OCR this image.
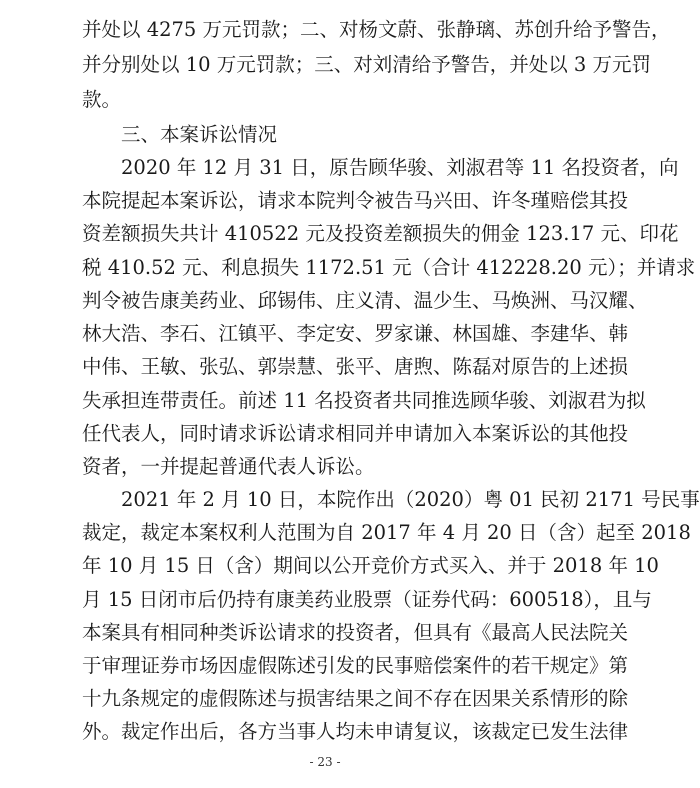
并处以 4275 万元罚款；二、对杨文蔚、张静璃、苏创升给予警告，
并分别处以 10 万元罚款；三、对刘清给予警告，并处以 3 万元罚
款。
三、本案诉讼情况
2020 年 12 月 31 日，原告顾华骏、刘淑君等 11 名投资者，向
本院提起本案诉讼，请求本院判令被告马兴田、许冬瑾赔偿其投
资差额损失共计 410522 元及投资差额损失的佣金 123.17 元、印花
税 410.52 元、利息损失 1172.51 元（合计 412228.20 元）；并请求
判令被告康美药业、邱锡伟、庄义清、温少生、马焕洲、马汉耀、
林大浩、李石、江镇平、李定安、罗家谦、林国雄、李建华、韩
中伟、王敏、张弘、郭崇慧、张平、唐煦、陈磊对原告的上述损
失承担连带责任。前述 11 名投资者共同推选顾华骏、刘淑君为拟
任代表人，同时请求诉讼请求相同并申请加入本案诉讼的其他投
资者，一并提起普通代表人诉讼。
2021 年 2 月 10 日，本院作出（2020）粤 01 民初 2171 号民事
裁定，裁定本案权利人范围为自 2017 年 4 月 20 日（含）起至 2018
年 10 月 15 日（含）期间以公开竞价方式买入、并于 2018 年 10
月 15 日闭市后仍持有康美药业股票（证券代码：600518），且与
本案具有相同种类诉讼请求的投资者，但具有《最高人民法院关
于审理证券市场因虚假陈述引发的民事赔偿案件的若干规定》第
十九条规定的虚假陈述与损害结果之间不存在因果关系情形的除
外。裁定作出后，各方当事人均未申请复议，该裁定已发生法律
- 23 -
